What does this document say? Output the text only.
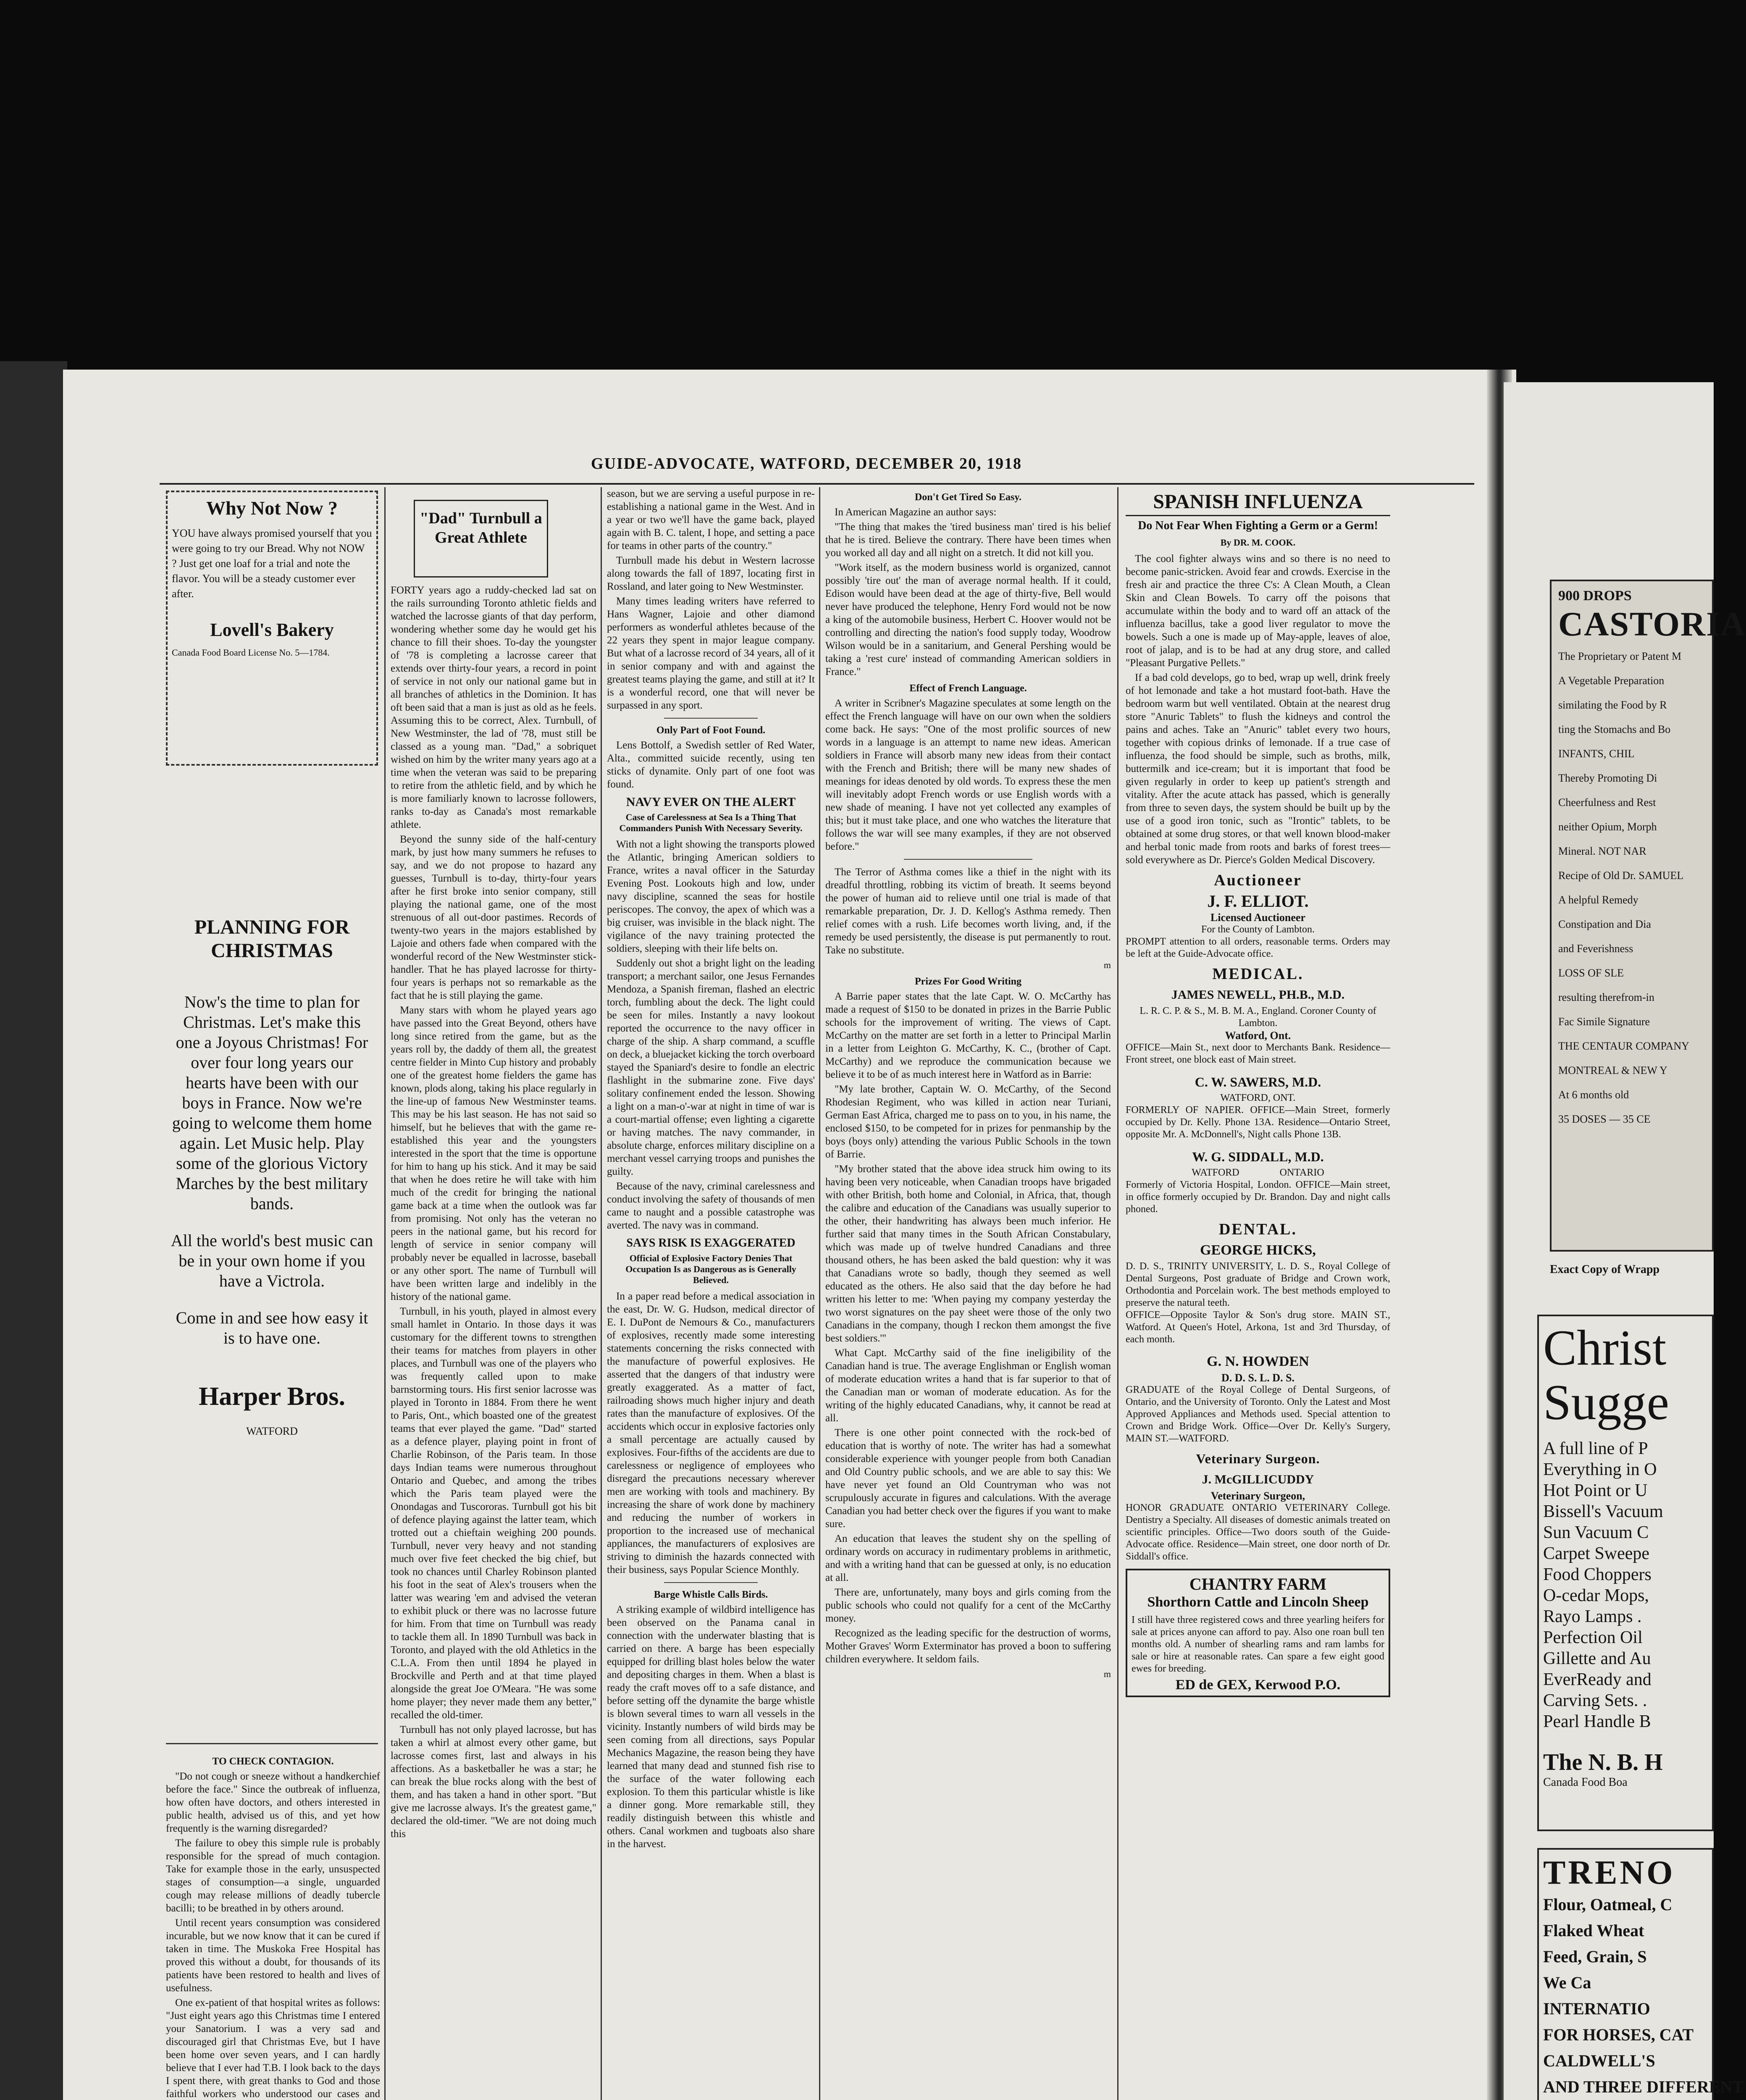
GUIDE-ADVOCATE, WATFORD, DECEMBER 20, 1918
Why Not Now ?
YOU have always promised yourself that you were going to try our Bread. Why not NOW ? Just get one loaf for a trial and note the flavor. You will be a steady customer ever after.
Lovell's Bakery
Canada Food Board License No. 5—1784.
PLANNING FOR CHRISTMAS
Now's the time to plan for Christmas. Let's make this one a Joyous Christmas! For over four long years our hearts have been with our boys in France. Now we're going to welcome them home again. Let Music help. Play some of the glorious Victory Marches by the best military bands.
All the world's best music can be in your own home if you have a Victrola.
Come in and see how easy it is to have one.
Harper Bros.
WATFORD
TO CHECK CONTAGION.

"Do not cough or sneeze without a handkerchief before the face." Since the outbreak of influenza, how often have doctors, and others interested in public health, advised us of this, and yet how frequently is the warning disregarded?

The failure to obey this simple rule is probably responsible for the spread of much contagion. Take for example those in the early, unsuspected stages of consumption—a single, unguarded cough may release millions of deadly tubercle bacilli; to be breathed in by others around.

Until recent years consumption was considered incurable, but we now know that it can be cured if taken in time. The Muskoka Free Hospital has proved this without a doubt, for thousands of its patients have been restored to health and lives of usefulness.

One ex-patient of that hospital writes as follows: "Just eight years ago this Christmas time I entered your Sanatorium. I was a very sad and discouraged girl that Christmas Eve, but I have been home over seven years, and I can hardly believe that I ever had T.B. I look back to the days I spent there, with great thanks to God and those faithful workers who understood our cases and

"Dad" Turnbull a Great Athlete

FORTY years ago a ruddy-checked lad sat on the rails surrounding Toronto athletic fields and watched the lacrosse giants of that day perform, wondering whether some day he would get his chance to fill their shoes. To-day the youngster of '78 is completing a lacrosse career that extends over thirty-four years, a record in point of service in not only our national game but in all branches of athletics in the Dominion. It has oft been said that a man is just as old as he feels. Assuming this to be correct, Alex. Turnbull, of New Westminster, the lad of '78, must still be classed as a young man. "Dad," a sobriquet wished on him by the writer many years ago at a time when the veteran was said to be preparing to retire from the athletic field, and by which he is more familiarly known to lacrosse followers, ranks to-day as Canada's most remarkable athlete.

Beyond the sunny side of the half-century mark, by just how many summers he refuses to say, and we do not propose to hazard any guesses, Turnbull is to-day, thirty-four years after he first broke into senior company, still playing the national game, one of the most strenuous of all out-door pastimes. Records of twenty-two years in the majors established by Lajoie and others fade when compared with the wonderful record of the New Westminster stick-handler. That he has played lacrosse for thirty-four years is perhaps not so remarkable as the fact that he is still playing the game.

Many stars with whom he played years ago have passed into the Great Beyond, others have long since retired from the game, but as the years roll by, the daddy of them all, the greatest centre fielder in Minto Cup history and probably one of the greatest home fielders the game has known, plods along, taking his place regularly in the line-up of famous New Westminster teams. This may be his last season. He has not said so himself, but he believes that with the game re-established this year and the youngsters interested in the sport that the time is opportune for him to hang up his stick. And it may be said that when he does retire he will take with him much of the credit for bringing the national game back at a time when the outlook was far from promising. Not only has the veteran no peers in the national game, but his record for length of service in senior company will probably never be equalled in lacrosse, baseball or any other sport. The name of Turnbull will have been written large and indelibly in the history of the national game.

Turnbull, in his youth, played in almost every small hamlet in Ontario. In those days it was customary for the different towns to strengthen their teams for matches from players in other places, and Turnbull was one of the players who was frequently called upon to make barnstorming tours. His first senior lacrosse was played in Toronto in 1884. From there he went to Paris, Ont., which boasted one of the greatest teams that ever played the game. "Dad" started as a defence player, playing point in front of Charlie Robinson, of the Paris team. In those days Indian teams were numerous throughout Ontario and Quebec, and among the tribes which the Paris team played were the Onondagas and Tuscororas. Turnbull got his bit of defence playing against the latter team, which trotted out a chieftain weighing 200 pounds. Turnbull, never very heavy and not standing much over five feet checked the big chief, but took no chances until Charley Robinson planted his foot in the seat of Alex's trousers when the latter was wearing 'em and advised the veteran to exhibit pluck or there was no lacrosse future for him. From that time on Turnbull was ready to tackle them all. In 1890 Turnbull was back in Toronto, and played with the old Athletics in the C.L.A. From then until 1894 he played in Brockville and Perth and at that time played alongside the great Joe O'Meara. "He was some home player; they never made them any better," recalled the old-timer.

Turnbull has not only played lacrosse, but has taken a whirl at almost every other game, but lacrosse comes first, last and always in his affections. As a basketballer he was a star; he can break the blue rocks along with the best of them, and has taken a hand in other sport. "But give me lacrosse always. It's the greatest game," declared the old-timer. "We are not doing much this

season, but we are serving a useful purpose in re-establishing a national game in the West. And in a year or two we'll have the game back, played again with B. C. talent, I hope, and setting a pace for teams in other parts of the country."

Turnbull made his debut in Western lacrosse along towards the fall of 1897, locating first in Rossland, and later going to New Westminster.

Many times leading writers have referred to Hans Wagner, Lajoie and other diamond performers as wonderful athletes because of the 22 years they spent in major league company. But what of a lacrosse record of 34 years, all of it in senior company and with and against the greatest teams playing the game, and still at it? It is a wonderful record, one that will never be surpassed in any sport.

Only Part of Foot Found.

Lens Bottolf, a Swedish settler of Red Water, Alta., committed suicide recently, using ten sticks of dynamite. Only part of one foot was found.

NAVY EVER ON THE ALERT
Case of Carelessness at Sea Is a Thing That Commanders Punish With Necessary Severity.

With not a light showing the transports plowed the Atlantic, bringing American soldiers to France, writes a naval officer in the Saturday Evening Post. Lookouts high and low, under navy discipline, scanned the seas for hostile periscopes. The convoy, the apex of which was a big cruiser, was invisible in the black night. The vigilance of the navy training protected the soldiers, sleeping with their life belts on.

Suddenly out shot a bright light on the leading transport; a merchant sailor, one Jesus Fernandes Mendoza, a Spanish fireman, flashed an electric torch, fumbling about the deck. The light could be seen for miles. Instantly a navy lookout reported the occurrence to the navy officer in charge of the ship. A sharp command, a scuffle on deck, a bluejacket kicking the torch overboard stayed the Spaniard's desire to fondle an electric flashlight in the submarine zone. Five days' solitary confinement ended the lesson. Showing a light on a man-o'-war at night in time of war is a court-martial offense; even lighting a cigarette or having matches. The navy commander, in absolute charge, enforces military discipline on a merchant vessel carrying troops and punishes the guilty.

Because of the navy, criminal carelessness and conduct involving the safety of thousands of men came to naught and a possible catastrophe was averted. The navy was in command.

SAYS RISK IS EXAGGERATED
Official of Explosive Factory Denies That Occupation Is as Dangerous as is Generally Believed.

In a paper read before a medical association in the east, Dr. W. G. Hudson, medical director of E. I. DuPont de Nemours & Co., manufacturers of explosives, recently made some interesting statements concerning the risks connected with the manufacture of powerful explosives. He asserted that the dangers of that industry were greatly exaggerated. As a matter of fact, railroading shows much higher injury and death rates than the manufacture of explosives. Of the accidents which occur in explosive factories only a small percentage are actually caused by explosives. Four-fifths of the accidents are due to carelessness or negligence of employees who disregard the precautions necessary wherever men are working with tools and machinery. By increasing the share of work done by machinery and reducing the number of workers in proportion to the increased use of mechanical appliances, the manufacturers of explosives are striving to diminish the hazards connected with their business, says Popular Science Monthly.

Barge Whistle Calls Birds.

A striking example of wildbird intelligence has been observed on the Panama canal in connection with the underwater blasting that is carried on there. A barge has been especially equipped for drilling blast holes below the water and depositing charges in them. When a blast is ready the craft moves off to a safe distance, and before setting off the dynamite the barge whistle is blown several times to warn all vessels in the vicinity. Instantly numbers of wild birds may be seen coming from all directions, says Popular Mechanics Magazine, the reason being they have learned that many dead and stunned fish rise to the surface of the water following each explosion. To them this particular whistle is like a dinner gong. More remarkable still, they readily distinguish between this whistle and others. Canal workmen and tugboats also share in the harvest.

Don't Get Tired So Easy.

In American Magazine an author says:

"The thing that makes the 'tired business man' tired is his belief that he is tired. Believe the contrary. There have been times when you worked all day and all night on a stretch. It did not kill you.

"Work itself, as the modern business world is organized, cannot possibly 'tire out' the man of average normal health. If it could, Edison would have been dead at the age of thirty-five, Bell would never have produced the telephone, Henry Ford would not be now a king of the automobile business, Herbert C. Hoover would not be controlling and directing the nation's food supply today, Woodrow Wilson would be in a sanitarium, and General Pershing would be taking a 'rest cure' instead of commanding American soldiers in France."

Effect of French Language.

A writer in Scribner's Magazine speculates at some length on the effect the French language will have on our own when the soldiers come back. He says: "One of the most prolific sources of new words in a language is an attempt to name new ideas. American soldiers in France will absorb many new ideas from their contact with the French and British; there will be many new shades of meanings for ideas denoted by old words. To express these the men will inevitably adopt French words or use English words with a new shade of meaning. I have not yet collected any examples of this; but it must take place, and one who watches the literature that follows the war will see many examples, if they are not observed before."

The Terror of Asthma comes like a thief in the night with its dreadful throttling, robbing its victim of breath. It seems beyond the power of human aid to relieve until one trial is made of that remarkable preparation, Dr. J. D. Kellog's Asthma remedy. Then relief comes with a rush. Life becomes worth living, and, if the remedy be used persistently, the disease is put permanently to rout. Take no substitute.

m
Prizes For Good Writing

A Barrie paper states that the late Capt. W. O. McCarthy has made a request of $150 to be donated in prizes in the Barrie Public schools for the improvement of writing. The views of Capt. McCarthy on the matter are set forth in a letter to Principal Marlin in a letter from Leighton G. McCarthy, K. C., (brother of Capt. McCarthy) and we reproduce the communication because we believe it to be of as much interest here in Watford as in Barrie:

"My late brother, Captain W. O. McCarthy, of the Second Rhodesian Regiment, who was killed in action near Turiani, German East Africa, charged me to pass on to you, in his name, the enclosed $150, to be competed for in prizes for penmanship by the boys (boys only) attending the various Public Schools in the town of Barrie.

"My brother stated that the above idea struck him owing to its having been very noticeable, when Canadian troops have brigaded with other British, both home and Colonial, in Africa, that, though the calibre and education of the Canadians was usually superior to the other, their handwriting has always been much inferior. He further said that many times in the South African Constabulary, which was made up of twelve hundred Canadians and three thousand others, he has been asked the bald question: why it was that Canadians wrote so badly, though they seemed as well educated as the others. He also said that the day before he had written his letter to me: 'When paying my company yesterday the two worst signatures on the pay sheet were those of the only two Canadians in the company, though I reckon them amongst the five best soldiers.'"

What Capt. McCarthy said of the fine ineligibility of the Canadian hand is true. The average Englishman or English woman of moderate education writes a hand that is far superior to that of the Canadian man or woman of moderate education. As for the writing of the highly educated Canadians, why, it cannot be read at all.

There is one other point connected with the rock-bed of education that is worthy of note. The writer has had a somewhat considerable experience with younger people from both Canadian and Old Country public schools, and we are able to say this: We have never yet found an Old Countryman who was not scrupulously accurate in figures and calculations. With the average Canadian you had better check over the figures if you want to make sure.

An education that leaves the student shy on the spelling of ordinary words on accuracy in rudimentary problems in arithmetic, and with a writing hand that can be guessed at only, is no education at all.

There are, unfortunately, many boys and girls coming from the public schools who could not qualify for a cent of the McCarthy money.

Recognized as the leading specific for the destruction of worms, Mother Graves' Worm Exterminator has proved a boon to suffering children everywhere. It seldom fails.

m
SPANISH INFLUENZA
Do Not Fear When Fighting a Germ or a Germ!
By DR. M. COOK.

The cool fighter always wins and so there is no need to become panic-stricken. Avoid fear and crowds. Exercise in the fresh air and practice the three C's: A Clean Mouth, a Clean Skin and Clean Bowels. To carry off the poisons that accumulate within the body and to ward off an attack of the influenza bacillus, take a good liver regulator to move the bowels. Such a one is made up of May-apple, leaves of aloe, root of jalap, and is to be had at any drug store, and called "Pleasant Purgative Pellets."

If a bad cold develops, go to bed, wrap up well, drink freely of hot lemonade and take a hot mustard foot-bath. Have the bedroom warm but well ventilated. Obtain at the nearest drug store "Anuric Tablets" to flush the kidneys and control the pains and aches. Take an "Anuric" tablet every two hours, together with copious drinks of lemonade. If a true case of influenza, the food should be simple, such as broths, milk, buttermilk and ice-cream; but it is important that food be given regularly in order to keep up patient's strength and vitality. After the acute attack has passed, which is generally from three to seven days, the system should be built up by the use of a good iron tonic, such as "Irontic" tablets, to be obtained at some drug stores, or that well known blood-maker and herbal tonic made from roots and barks of forest trees—sold everywhere as Dr. Pierce's Golden Medical Discovery.

Auctioneer
J. F. ELLIOT.
Licensed Auctioneer
For the County of Lambton.
PROMPT attention to all orders, reasonable terms. Orders may be left at the Guide-Advocate office.
MEDICAL.
JAMES NEWELL, PH.B., M.D.
L. R. C. P. & S., M. B. M. A., England. Coroner County of Lambton.
Watford, Ont.
OFFICE—Main St., next door to Merchants Bank. Residence—Front street, one block east of Main street.
C. W. SAWERS, M.D.
WATFORD, ONT.
FORMERLY OF NAPIER. OFFICE—Main Street, formerly occupied by Dr. Kelly. Phone 13A. Residence—Ontario Street, opposite Mr. A. McDonnell's, Night calls Phone 13B.
W. G. SIDDALL, M.D.
WATFORD                ONTARIO
Formerly of Victoria Hospital, London. OFFICE—Main street, in office formerly occupied by Dr. Brandon. Day and night calls phoned.
DENTAL.
GEORGE HICKS,
D. D. S., TRINITY UNIVERSITY, L. D. S., Royal College of Dental Surgeons, Post graduate of Bridge and Crown work, Orthodontia and Porcelain work. The best methods employed to preserve the natural teeth.
OFFICE—Opposite Taylor & Son's drug store. MAIN ST., Watford. At Queen's Hotel, Arkona, 1st and 3rd Thursday, of each month.
G. N. HOWDEN
D. D. S. L. D. S.
GRADUATE of the Royal College of Dental Surgeons, of Ontario, and the University of Toronto. Only the Latest and Most Approved Appliances and Methods used. Special attention to Crown and Bridge Work. Office—Over Dr. Kelly's Surgery, MAIN ST.—WATFORD.
Veterinary Surgeon.
J. McGILLICUDDY
Veterinary Surgeon,
HONOR GRADUATE ONTARIO VETERINARY College. Dentistry a Specialty. All diseases of domestic animals treated on scientific principles. Office—Two doors south of the Guide-Advocate office. Residence—Main street, one door north of Dr. Siddall's office.
CHANTRY FARM
Shorthorn Cattle and Lincoln Sheep
I still have three registered cows and three yearling heifers for sale at prices anyone can afford to pay. Also one roan bull ten months old. A number of shearling rams and ram lambs for sale or hire at reasonable rates. Can spare a few eight good ewes for breeding.
ED de GEX, Kerwood P.O.
900 DROPS
CASTORIA
The Proprietary or Patent M
A Vegetable Preparation
similating the Food by R
ting the Stomachs and Bo
INFANTS, CHIL
Thereby Promoting Di
Cheerfulness and Rest
neither Opium, Morph
Mineral. NOT NAR
Recipe of Old Dr. SAMUEL
A helpful Remedy
Constipation and Dia
and Feverishness
LOSS OF SLE
resulting therefrom-in
Fac Simile Signature
THE CENTAUR COMPANY
MONTREAL & NEW Y
At 6 months old
35 DOSES — 35 CE
Exact Copy of Wrapp
Christ
Sugge
A full line of P
Everything in O
Hot Point or U
Bissell's Vacuum
Sun Vacuum C
Carpet Sweepe
Food Choppers
O-cedar Mops,
Rayo Lamps .
Perfection Oil
Gillette and Au
EverReady and
Carving Sets. .
Pearl Handle B
The N. B. H
Canada Food Boa
TRENO
Flour, Oatmeal, C
Flaked Wheat
Feed, Grain, S
We Ca
INTERNATIO
FOR HORSES, CAT
CALDWELL'S
AND THREE DIFFERENT
